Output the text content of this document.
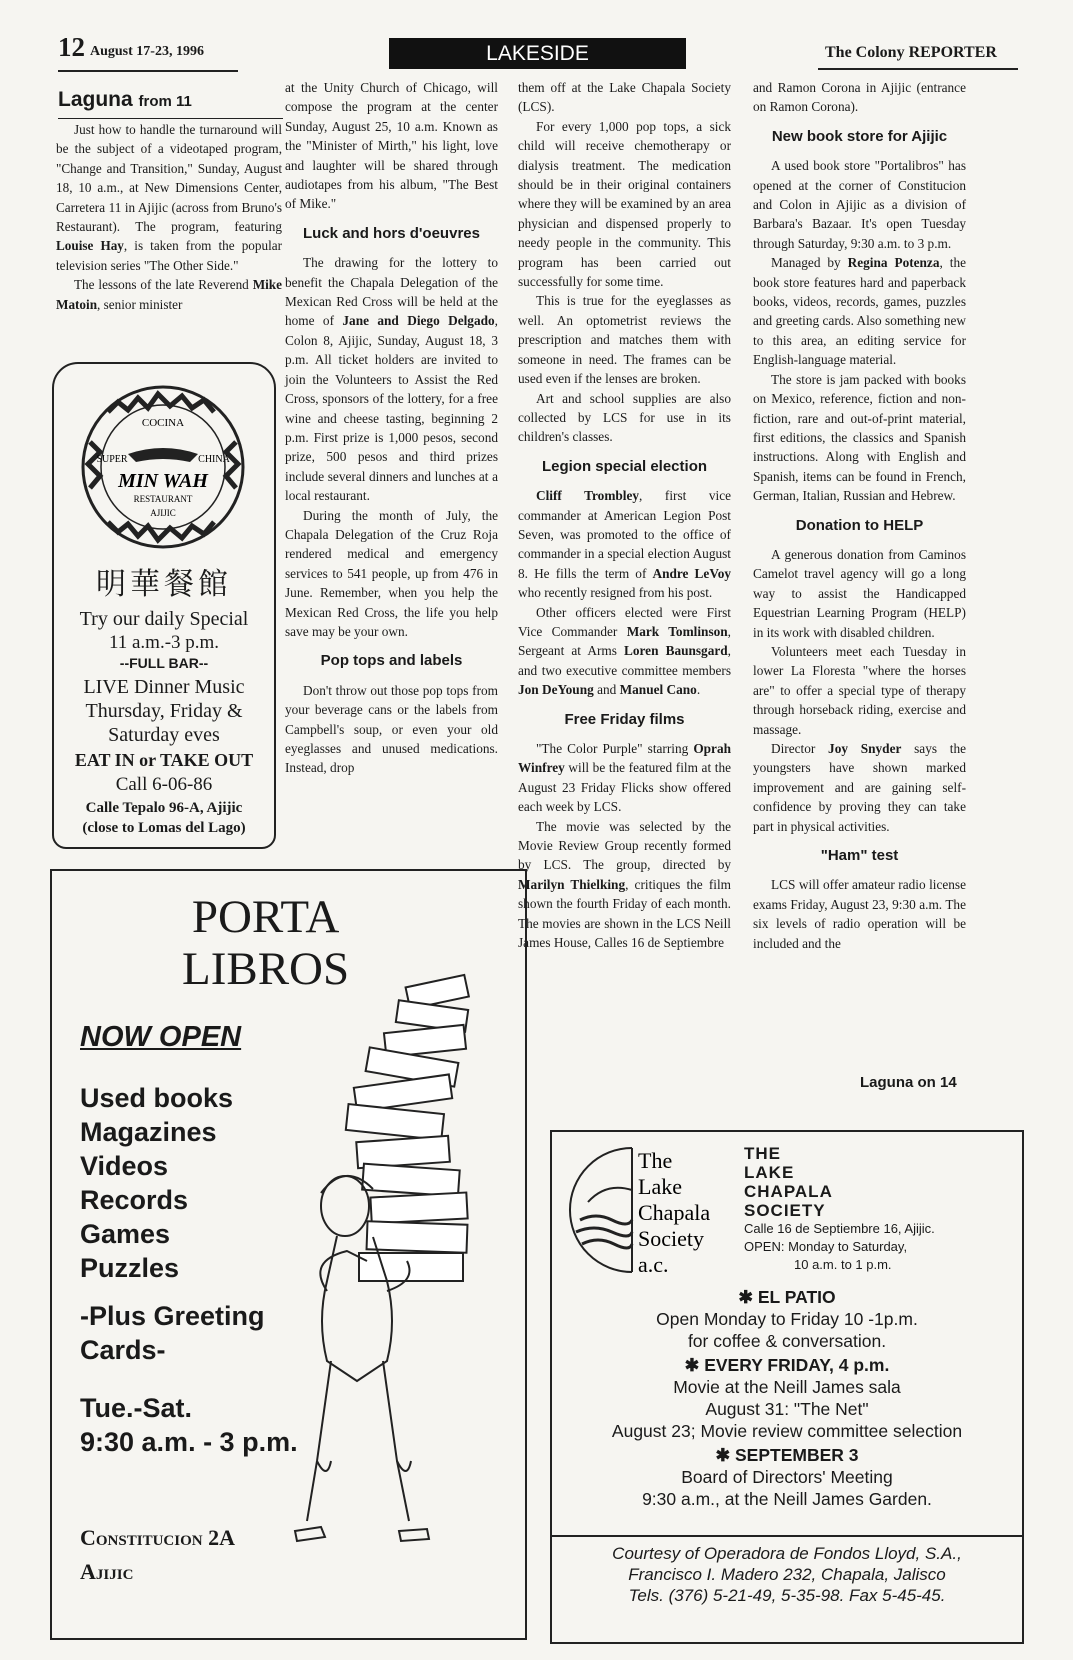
12 August 17-23, 1996	LAKESIDE	The Colony REPORTER
Laguna from 11

Just how to handle the turnaround will be the subject of a videotaped program, "Change and Transition," Sunday, August 18, 10 a.m., at New Dimensions Center, Carretera 11 in Ajijic (across from Bruno's Restaurant). The program, featuring Louise Hay, is taken from the popular television series "The Other Side."

The lessons of the late Reverend Mike Matoin, senior minister

COCINA
SUPER	CHINA
MIN WAH
RESTAURANT
AJIJIC
明華餐館
Try our daily Special
11 a.m.-3 p.m.
--FULL BAR--
LIVE Dinner Music
Thursday, Friday &
Saturday eves
EAT IN or TAKE OUT
Call 6-06-86
Calle Tepalo 96-A, Ajijic
(close to Lomas del Lago)

at the Unity Church of Chicago, will compose the program at the center Sunday, August 25, 10 a.m. Known as the "Minister of Mirth," his light, love and laughter will be shared through audiotapes from his album, "The Best of Mike."

Luck and hors d'oeuvres

The drawing for the lottery to benefit the Chapala Delegation of the Mexican Red Cross will be held at the home of Jane and Diego Delgado, Colon 8, Ajijic, Sunday, August 18, 3 p.m. All ticket holders are invited to join the Volunteers to Assist the Red Cross, sponsors of the lottery, for a free wine and cheese tasting, beginning 2 p.m. First prize is 1,000 pesos, second prize, 500 pesos and third prizes include several dinners and lunches at a local restaurant.

During the month of July, the Chapala Delegation of the Cruz Roja rendered medical and emergency services to 541 people, up from 476 in June. Remember, when you help the Mexican Red Cross, the life you help save may be your own.

Pop tops and labels

Don't throw out those pop tops from your beverage cans or the labels from Campbell's soup, or even your old eyeglasses and unused medications. Instead, drop

them off at the Lake Chapala Society (LCS).

For every 1,000 pop tops, a sick child will receive chemotherapy or dialysis treatment. The medication should be in their original containers where they will be examined by an area physician and dispensed properly to needy people in the community. This program has been carried out successfully for some time.

This is true for the eyeglasses as well. An optometrist reviews the prescription and matches them with someone in need. The frames can be used even if the lenses are broken.

Art and school supplies are also collected by LCS for use in its children's classes.

Legion special election

Cliff Trombley, first vice commander at American Legion Post Seven, was promoted to the office of commander in a special election August 8. He fills the term of Andre LeVoy who recently resigned from his post.

Other officers elected were First Vice Commander Mark Tomlinson, Sergeant at Arms Loren Baunsgard, and two executive committee members Jon DeYoung and Manuel Cano.

Free Friday films

"The Color Purple" starring Oprah Winfrey will be the featured film at the August 23 Friday Flicks show offered each week by LCS.

The movie was selected by the Movie Review Group recently formed by LCS. The group, directed by Marilyn Thielking, critiques the film shown the fourth Friday of each month. The movies are shown in the LCS Neill James House, Calles 16 de Septiembre

and Ramon Corona in Ajijic (entrance on Ramon Corona).

New book store for Ajijic

A used book store "Portalibros" has opened at the corner of Constitucion and Colon in Ajijic as a division of Barbara's Bazaar. It's open Tuesday through Saturday, 9:30 a.m. to 3 p.m.

Managed by Regina Potenza, the book store features hard and paperback books, videos, records, games, puzzles and greeting cards. Also something new to this area, an editing service for English-language material.

The store is jam packed with books on Mexico, reference, fiction and non-fiction, rare and out-of-print material, first editions, the classics and Spanish instructions. Along with English and Spanish, items can be found in French, German, Italian, Russian and Hebrew.

Donation to HELP

A generous donation from Caminos Camelot travel agency will go a long way to assist the Handicapped Equestrian Learning Program (HELP) in its work with disabled children.

Volunteers meet each Tuesday in lower La Floresta "where the horses are" to offer a special type of therapy through horseback riding, exercise and massage.

Director Joy Snyder says the youngsters have shown marked improvement and are gaining self-confidence by proving they can take part in physical activities.

"Ham" test

LCS will offer amateur radio license exams Friday, August 23, 9:30 a.m. The six levels of radio operation will be included and the

Laguna on 14
PORTA
LIBROS
NOW OPEN
Used books
Magazines
Videos
Records
Games
Puzzles
-Plus Greeting
Cards-
Tue.-Sat.
9:30 a.m. - 3 p.m.
Constitucion 2A
Ajijic
The
Lake
Chapala
Society
a.c.
THE
LAKE
CHAPALA
SOCIETY
Calle 16 de Septiembre 16, Ajijic.
OPEN: Monday to Saturday,
10 a.m. to 1 p.m.
✱ EL PATIO
Open Monday to Friday 10 -1p.m.
for coffee & conversation.
✱ EVERY FRIDAY, 4 p.m.
Movie at the Neill James sala
August 31: "The Net"
August 23; Movie review committee selection
✱ SEPTEMBER 3
Board of Directors' Meeting
9:30 a.m., at the Neill James Garden.
Courtesy of Operadora de Fondos Lloyd, S.A.,
Francisco I. Madero 232, Chapala, Jalisco
Tels. (376) 5-21-49, 5-35-98. Fax 5-45-45.
